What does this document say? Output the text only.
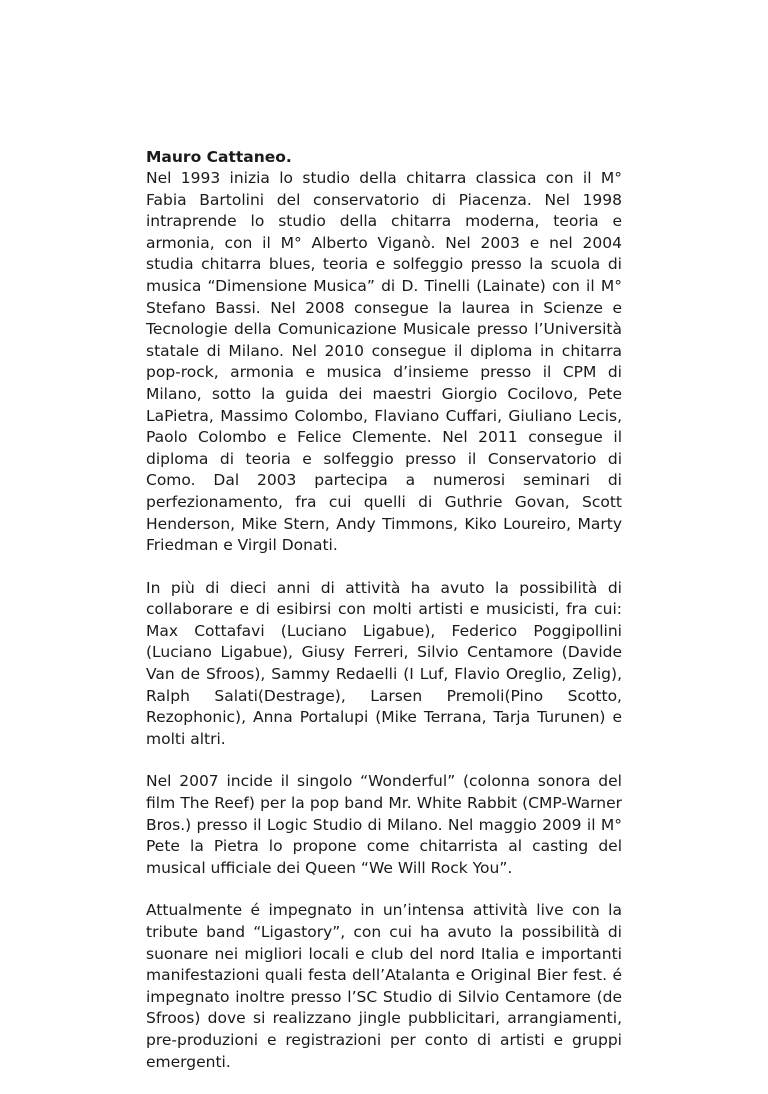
Mauro Cattaneo.

Nel 1993 inizia lo studio della chitarra classica con il M° Fabia Bartolini del conservatorio di Piacenza. Nel 1998 intraprende lo studio della chitarra moderna, teoria e armonia, con il M° Alberto Viganò. Nel 2003 e nel 2004 studia chitarra blues, teoria e solfeggio presso la scuola di musica “Dimensione Musica” di D. Tinelli (Lainate) con il M° Stefano Bassi. Nel 2008 consegue la laurea in Scienze e Tecnologie della Comunicazione Musicale presso l’Università statale di Milano. Nel 2010 consegue il diploma in chitarra pop-rock, armonia e musica d’insieme presso il CPM di Milano, sotto la guida dei maestri Giorgio Cocilovo, Pete LaPietra, Massimo Colombo, Flaviano Cuffari, Giuliano Lecis, Paolo Colombo e Felice Clemente. Nel 2011 consegue il diploma di teoria e solfeggio presso il Conservatorio di Como. Dal 2003 partecipa a numerosi seminari di perfezionamento, fra cui quelli di Guthrie Govan, Scott Henderson, Mike Stern, Andy Timmons, Kiko Loureiro, Marty Friedman e Virgil Donati.

In più di dieci anni di attività ha avuto la possibilità di collaborare e di esibirsi con molti artisti e musicisti, fra cui: Max Cottafavi (Luciano Ligabue), Federico Poggipollini (Luciano Ligabue), Giusy Ferreri, Silvio Centamore (Davide Van de Sfroos), Sammy Redaelli (I Luf, Flavio Oreglio, Zelig), Ralph Salati(Destrage), Larsen Premoli(Pino Scotto, Rezophonic), Anna Portalupi (Mike Terrana, Tarja Turunen) e molti altri.

Nel 2007 incide il singolo “Wonderful” (colonna sonora del film The Reef) per la pop band Mr. White Rabbit (CMP-Warner Bros.) presso il Logic Studio di Milano. Nel maggio 2009 il M° Pete la Pietra lo propone come chitarrista al casting del musical ufficiale dei Queen “We Will Rock You”.

Attualmente é impegnato in un’intensa attività live con la tribute band “Ligastory”, con cui ha avuto la possibilità di suonare nei migliori locali e club del nord Italia e importanti manifestazioni quali festa dell’Atalanta e Original Bier fest. é impegnato inoltre presso l’SC Studio di Silvio Centamore (de Sfroos) dove si realizzano jingle pubblicitari, arrangiamenti, pre-produzioni e registrazioni per conto di artisti e gruppi emergenti.
